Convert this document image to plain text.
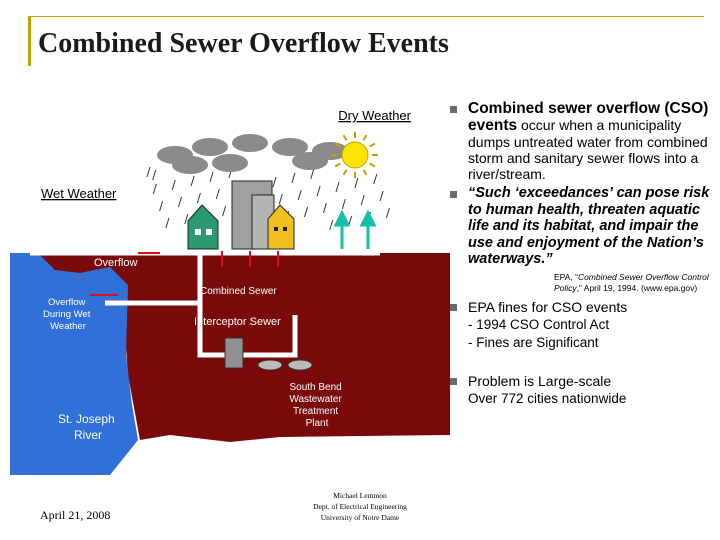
Combined Sewer Overflow Events
Dry Weather
Wet Weather
Overflow
Overflow During Wet Weather
Combined Sewer
Interceptor Sewer
South Bend Wastewater Treatment Plant
St. Joseph River
Combined sewer overflow (CSO) events occur when a municipality dumps untreated water from combined storm and sanitary sewer flows into a river/stream.
“Such ‘exceedances’ can pose risk to human health, threaten aquatic life and its habitat, and impair the use and enjoyment of the Nation’s waterways.”
EPA, “Combined Sewer Overflow Control Policy,” April 19, 1994. (www.epa.gov)
EPA fines for CSO events
- 1994 CSO Control Act
- Fines are Significant
Problem is Large-scale
Over 772 cities nationwide
April 21, 2008
Michael Lemmon
Dept. of Electrical Engineering
University of Notre Dame
